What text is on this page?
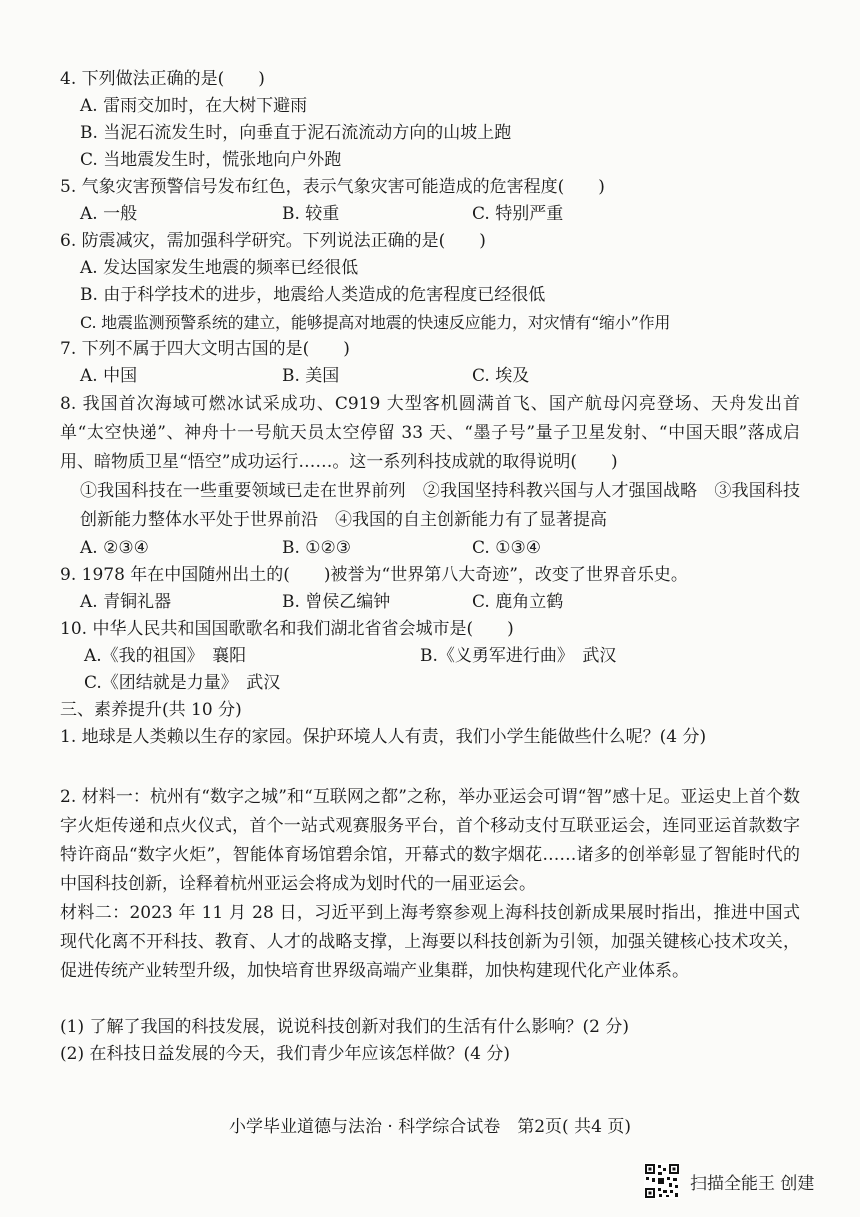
4. 下列做法正确的是(　　)
A. 雷雨交加时，在大树下避雨
B. 当泥石流发生时，向垂直于泥石流流动方向的山坡上跑
C. 当地震发生时，慌张地向户外跑
5. 气象灾害预警信号发布红色，表示气象灾害可能造成的危害程度(　　)
A. 一般	B. 较重	C. 特别严重
6. 防震减灾，需加强科学研究。下列说法正确的是(　　)
A. 发达国家发生地震的频率已经很低
B. 由于科学技术的进步，地震给人类造成的危害程度已经很低
C. 地震监测预警系统的建立，能够提高对地震的快速反应能力，对灾情有“缩小”作用
7. 下列不属于四大文明古国的是(　　)
A. 中国	B. 美国	C. 埃及
8. 我国首次海域可燃冰试采成功、C919 大型客机圆满首飞、国产航母闪亮登场、天舟发出首单“太空快递”、神舟十一号航天员太空停留 33 天、“墨子号”量子卫星发射、“中国天眼”落成启用、暗物质卫星“悟空”成功运行……。这一系列科技成就的取得说明(　　)
①我国科技在一些重要领域已走在世界前列　②我国坚持科教兴国与人才强国战略　③我国科技创新能力整体水平处于世界前沿　④我国的自主创新能力有了显著提高
A. ②③④	B. ①②③	C. ①③④
9. 1978 年在中国随州出土的(　　)被誉为“世界第八大奇迹”，改变了世界音乐史。
A. 青铜礼器	B. 曾侯乙编钟	C. 鹿角立鹤
10. 中华人民共和国国歌歌名和我们湖北省省会城市是(　　)
A.《我的祖国》　襄阳	B.《义勇军进行曲》　武汉
C.《团结就是力量》　武汉
三、素养提升(共 10 分)
1. 地球是人类赖以生存的家园。保护环境人人有责，我们小学生能做些什么呢？(4 分)
2. 材料一：杭州有“数字之城”和“互联网之都”之称，举办亚运会可谓“智”感十足。亚运史上首个数字火炬传递和点火仪式，首个一站式观赛服务平台，首个移动支付互联亚运会，连同亚运首款数字特许商品“数字火炬”，智能体育场馆碧余馆，开幕式的数字烟花……诸多的创举彰显了智能时代的中国科技创新，诠释着杭州亚运会将成为划时代的一届亚运会。
材料二：2023 年 11 月 28 日，习近平到上海考察参观上海科技创新成果展时指出，推进中国式现代化离不开科技、教育、人才的战略支撑，上海要以科技创新为引领，加强关键核心技术攻关，促进传统产业转型升级，加快培育世界级高端产业集群，加快构建现代化产业体系。
(1) 了解了我国的科技发展，说说科技创新对我们的生活有什么影响？(2 分)
(2) 在科技日益发展的今天，我们青少年应该怎样做？(4 分)
小学毕业道德与法治 · 科学综合试卷　第2页( 共4 页)
扫描全能王 创建
